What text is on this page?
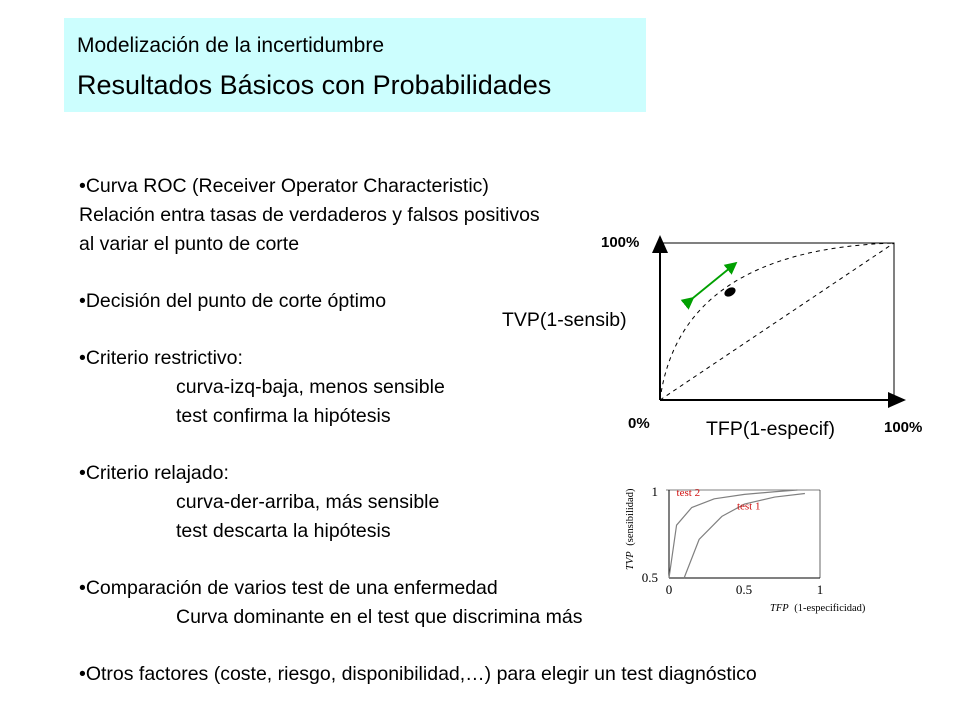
Modelización de la incertidumbre
Resultados Básicos con Probabilidades
•Curva ROC (Receiver Operator Characteristic)
Relación entra tasas de verdaderos y falsos positivos
al variar el punto de corte
•Decisión del punto de corte óptimo
•Criterio restrictivo:
curva-izq-baja, menos sensible
test confirma la hipótesis
•Criterio relajado:
curva-der-arriba, más sensible
test descarta la hipótesis
•Comparación de varios test de una enfermedad
Curva dominante en el test que discrimina más
•Otros factores (coste, riesgo, disponibilidad,…) para elegir un test diagnóstico
100%
0%	100%
TVP(1-sensib)
TFP(1-especif)
test 2
test 1
1
0.5
0	0.5	1
TFP (1-especificidad)
TVP (sensibilidad)
